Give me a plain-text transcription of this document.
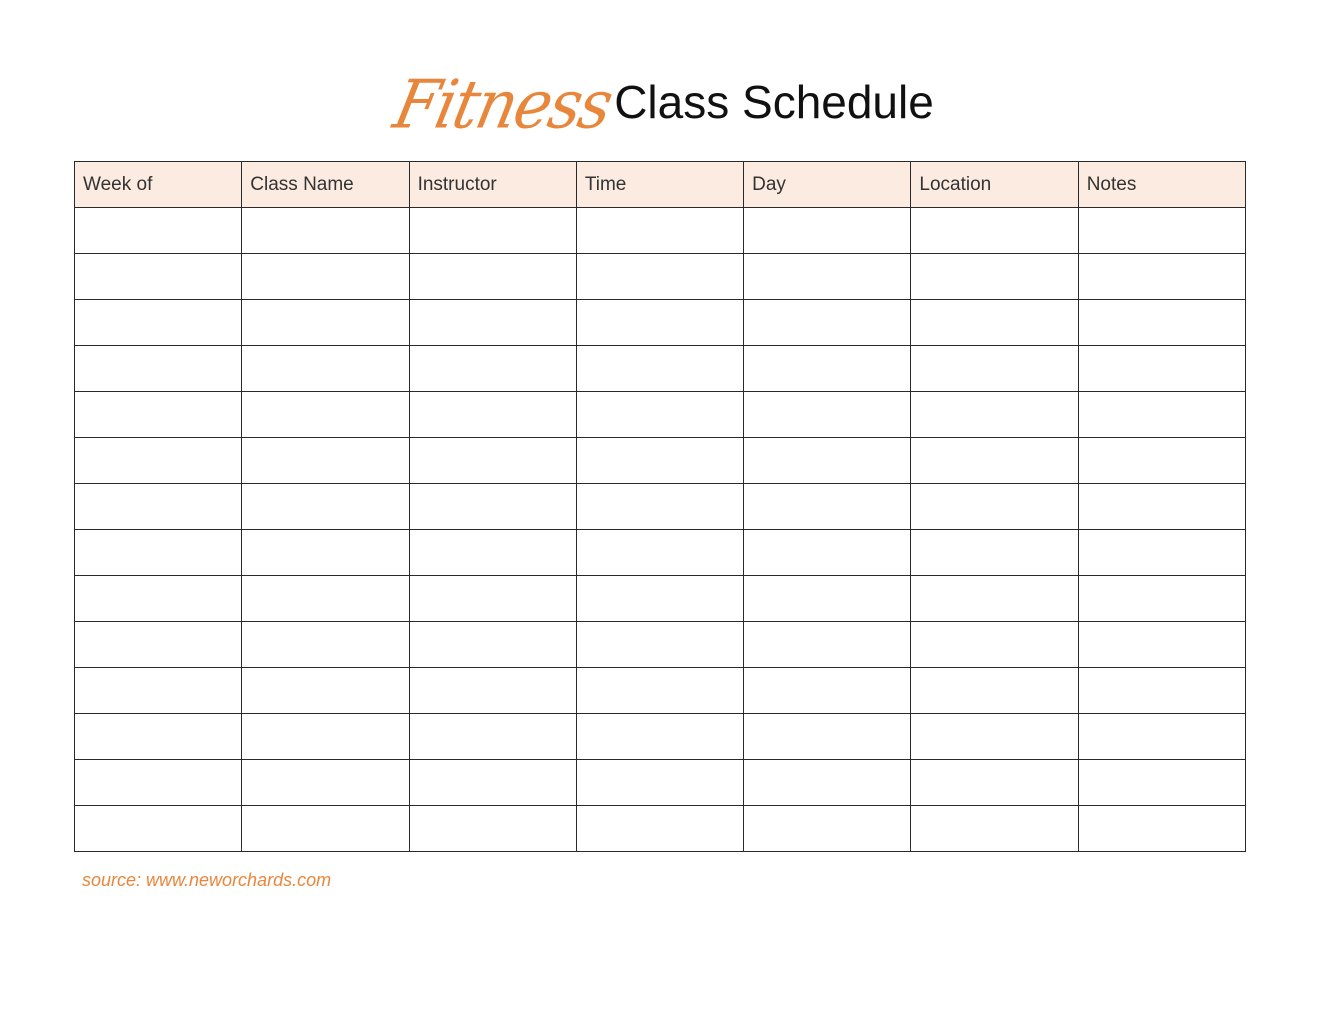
FitnessClass Schedule
Week of	Class Name	Instructor	Time	Day	Location	Notes

source: www.neworchards.com
